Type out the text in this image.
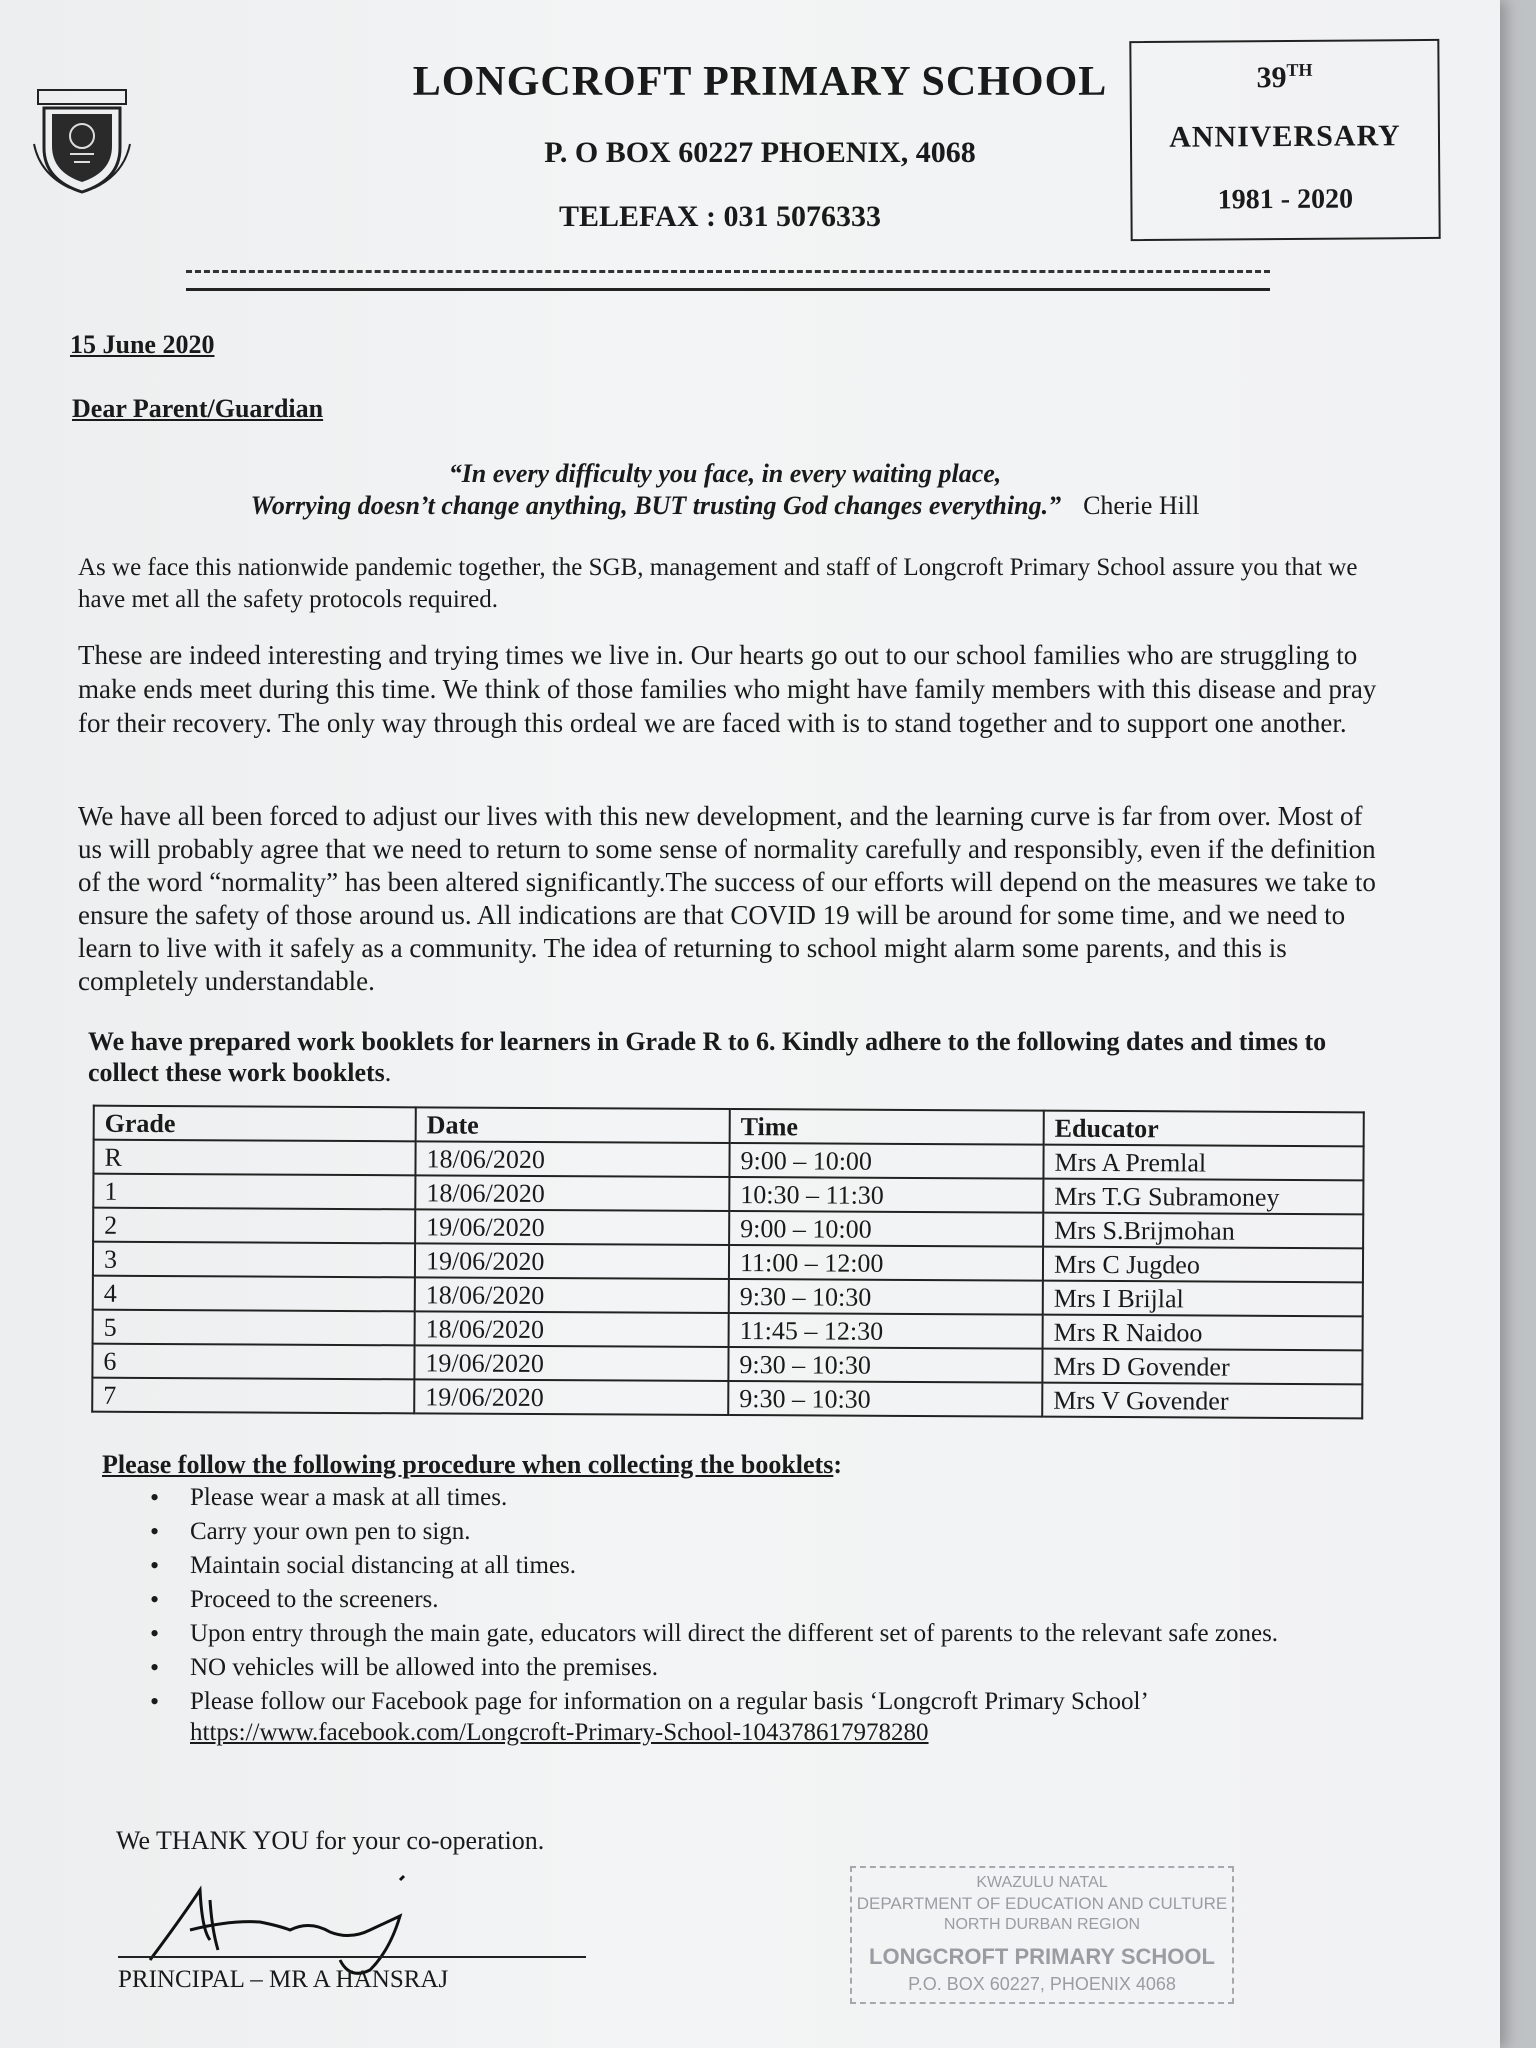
LONGCROFT PRIMARY SCHOOL
P. O BOX 60227 PHOENIX, 4068
TELEFAX : 031 5076333
39TH
ANNIVERSARY
1981 - 2020
15 June 2020
Dear Parent/Guardian
“In every difficulty you face, in every waiting place,
Worrying doesn’t change anything, BUT trusting God changes everything.” Cherie Hill
As we face this nationwide pandemic together, the SGB, management and staff of Longcroft Primary School assure you that we have met all the safety protocols required.
These are indeed interesting and trying times we live in. Our hearts go out to our school families who are struggling to make ends meet during this time. We think of those families who might have family members with this disease and pray for their recovery. The only way through this ordeal we are faced with is to stand together and to support one another.
We have all been forced to adjust our lives with this new development, and the learning curve is far from over. Most of us will probably agree that we need to return to some sense of normality carefully and responsibly, even if the definition of the word “normality” has been altered significantly.The success of our efforts will depend on the measures we take to ensure the safety of those around us. All indications are that COVID 19 will be around for some time, and we need to learn to live with it safely as a community. The idea of returning to school might alarm some parents, and this is completely understandable.
We have prepared work booklets for learners in Grade R to 6. Kindly adhere to the following dates and times to collect these work booklets.
Grade	Date	Time	Educator
R	18/06/2020	9:00 – 10:00	Mrs A Premlal
1	18/06/2020	10:30 – 11:30	Mrs T.G Subramoney
2	19/06/2020	9:00 – 10:00	Mrs S.Brijmohan
3	19/06/2020	11:00 – 12:00	Mrs C Jugdeo
4	18/06/2020	9:30 – 10:30	Mrs I Brijlal
5	18/06/2020	11:45 – 12:30	Mrs R Naidoo
6	19/06/2020	9:30 – 10:30	Mrs D Govender
7	19/06/2020	9:30 – 10:30	Mrs V Govender
Please follow the following procedure when collecting the booklets:
• Please wear a mask at all times.
• Carry your own pen to sign.
• Maintain social distancing at all times.
• Proceed to the screeners.
• Upon entry through the main gate, educators will direct the different set of parents to the relevant safe zones.
• NO vehicles will be allowed into the premises.
• Please follow our Facebook page for information on a regular basis ‘Longcroft Primary School’
https://www.facebook.com/Longcroft-Primary-School-104378617978280
We THANK YOU for your co-operation.
PRINCIPAL – MR A HANSRAJ
KWAZULU NATAL
DEPARTMENT OF EDUCATION AND CULTURE
NORTH DURBAN REGION
LONGCROFT PRIMARY SCHOOL
P.O. BOX 60227, PHOENIX 4068
